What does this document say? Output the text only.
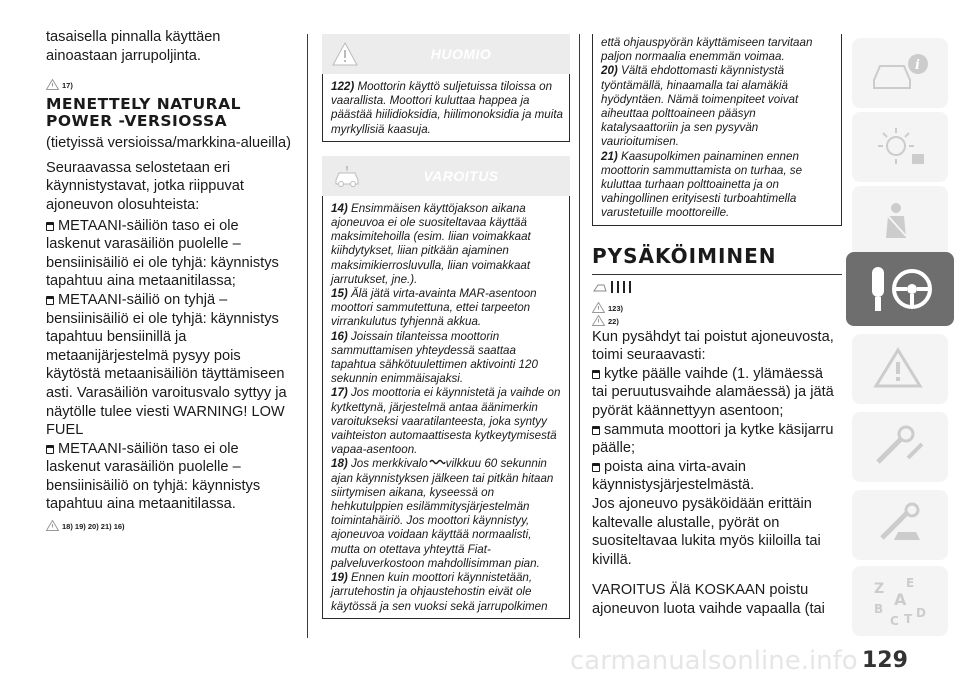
tasaisella pinnalla käyttäen ainoastaan jarrupoljinta.

17)
MENETTELY NATURAL POWER -VERSIOSSA

(tietyissä versioissa/markkina-alueilla)

Seuraavassa selostetaan eri käynnistystavat, jotka riippuvat ajoneuvon olosuhteista:

METAANI-säiliön taso ei ole laskenut varasäiliön puolelle – bensiinisäiliö ei ole tyhjä: käynnistys tapahtuu aina metaanitilassa;

METAANI-säiliö on tyhjä – bensiinisäiliö ei ole tyhjä: käynnistys tapahtuu bensiinillä ja metaanijärjestelmä pysyy pois käytöstä metaanisäiliön täyttämiseen asti. Varasäiliön varoitusvalo syttyy ja näytölle tulee viesti WARNING! LOW FUEL

METAANI-säiliön taso ei ole laskenut varasäiliön puolelle – bensiinisäiliö on tyhjä: käynnistys tapahtuu aina metaanitilassa.

18) 19) 20) 21) 16)
HUOMIO

122) Moottorin käyttö suljetuissa tiloissa on vaarallista. Moottori kuluttaa happea ja päästää hiilidioksidia, hiilimonoksidia ja muita myrkyllisiä kaasuja.

VAROITUS

14) Ensimmäisen käyttöjakson aikana ajoneuvoa ei ole suositeltavaa käyttää maksimitehoilla (esim. liian voimakkaat kiihdytykset, liian pitkään ajaminen maksimikierrosluvulla, liian voimakkaat jarrutukset, jne.).

15) Älä jätä virta-avainta MAR-asentoon moottori sammutettuna, ettei tarpeeton virrankulutus tyhjennä akkua.

16) Joissain tilanteissa moottorin sammuttamisen yhteydessä saattaa tapahtua sähkötuulettimen aktivointi 120 sekunnin enimmäisajaksi.

17) Jos moottoria ei käynnistetä ja vaihde on kytkettynä, järjestelmä antaa äänimerkin varoitukseksi vaaratilanteesta, joka syntyy vaihteiston automaattisesta kytkeytymisestä vapaa-asentoon.

18) Jos merkkivalo vilkkuu 60 sekunnin ajan käynnistyksen jälkeen tai pitkän hitaan siirtymisen aikana, kyseessä on hehkutulppien esilämmitysjärjestelmän toimintahäiriö. Jos moottori käynnistyy, ajoneuvoa voidaan käyttää normaalisti, mutta on otettava yhteyttä Fiat-palveluverkostoon mahdollisimman pian.

19) Ennen kuin moottori käynnistetään, jarrutehostin ja ohjaustehostin eivät ole käytössä ja sen vuoksi sekä jarrupolkimen

että ohjauspyörän käyttämiseen tarvitaan paljon normaalia enemmän voimaa.

20) Vältä ehdottomasti käynnistystä työntämällä, hinaamalla tai alamäkiä hyödyntäen. Nämä toimenpiteet voivat aiheuttaa polttoaineen pääsyn katalysaattoriin ja sen pysyvän vaurioitumisen.

21) Kaasupolkimen painaminen ennen moottorin sammuttamista on turhaa, se kuluttaa turhaan polttoainetta ja on vahingollinen erityisesti turboahtimella varustetuille moottoreille.

PYSÄKÖIMINEN
123)
22)

Kun pysähdyt tai poistut ajoneuvosta, toimi seuraavasti:

kytke päälle vaihde (1. ylämäessä tai peruutusvaihde alamäessä) ja jätä pyörät käännettyyn asentoon;

sammuta moottori ja kytke käsijarru päälle;

poista aina virta-avain käynnistysjärjestelmästä.

Jos ajoneuvo pysäköidään erittäin kaltevalle alustalle, pyörät on suositeltavaa lukita myös kiiloilla tai kivillä.

VAROITUS Älä KOSKAAN poistu ajoneuvon luota vaihde vapaalla (tai

i
Z E
A
B
C T D
carmanualsonline.info 129
